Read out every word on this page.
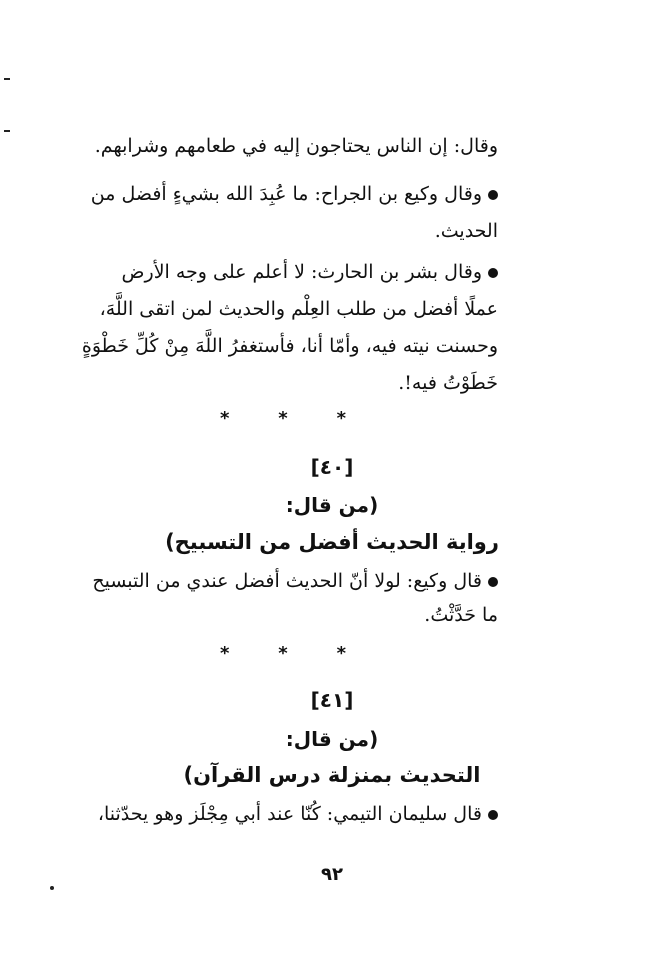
وقال: إن الناس يحتاجون إليه في طعامهم وشرابهم.
وقال وكيع بن الجراح: ما عُبِدَ الله بشيءٍ أفضل من
الحديث.
وقال بشر بن الحارث: لا أعلم على وجه الأرض
عملًا أفضل من طلب العِلْم والحديث لمن اتقى اللَّهَ،
وحسنت نيته فيه، وأمّا أنا، فأستغفرُ اللَّهَ مِنْ كُلِّ خَطْوَةٍ
خَطَوْتُ فيه!.
*	*	*
[٤٠]
(من قال:
رواية الحديث أفضل من التسبيح)
قال وكيع: لولا أنّ الحديث أفضل عندي من التبسيح
ما حَدَّثْتُ.
*	*	*
[٤١]
(من قال:
التحديث بمنزلة درس القرآن)
قال سليمان التيمي: كُنّا عند أبي مِجْلَز وهو يحدّثنا،
٩٢
